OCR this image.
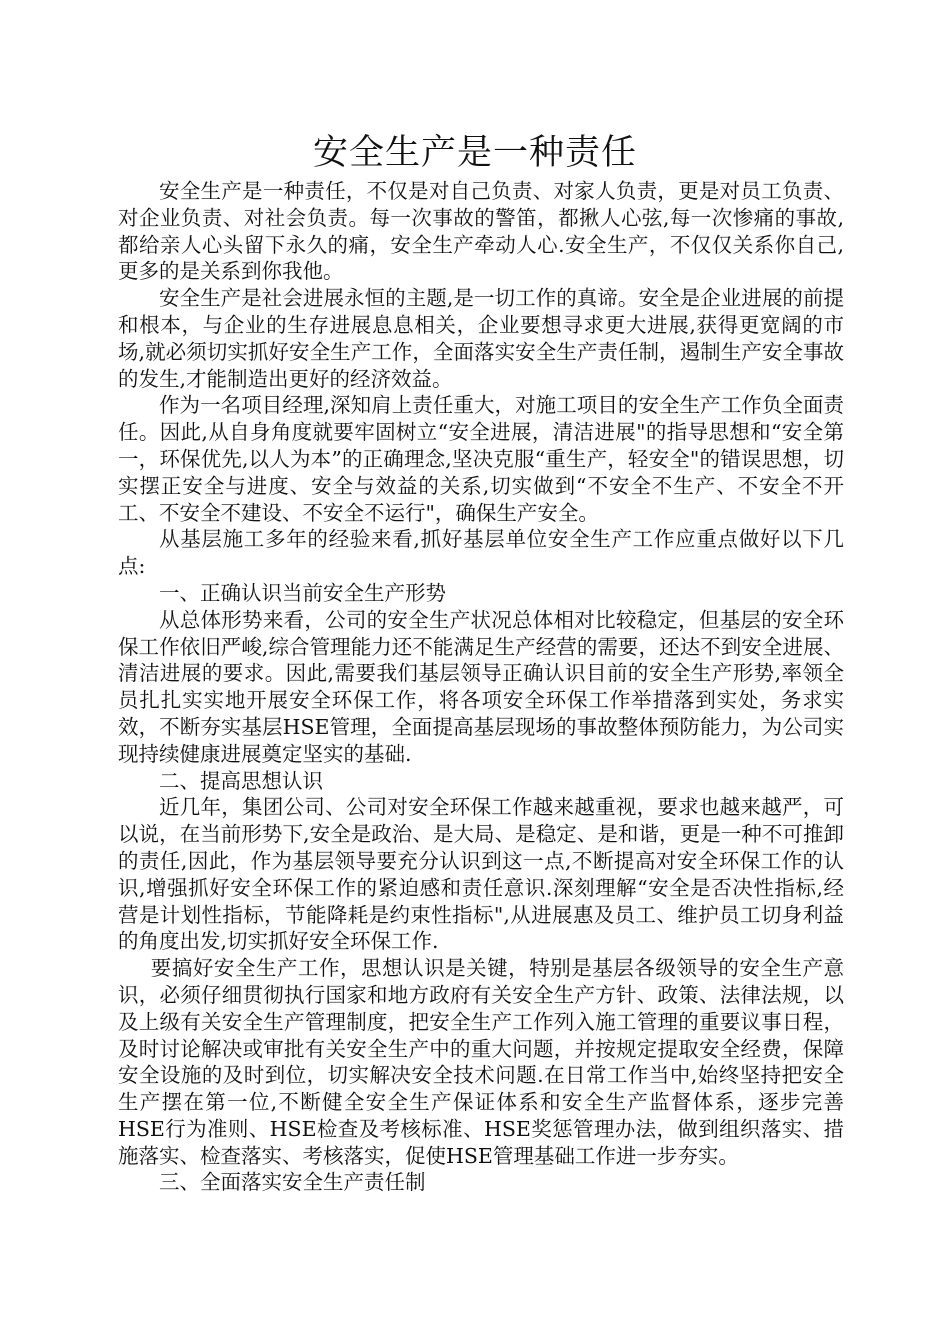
安全生产是一种责任

安全生产是一种责任，不仅是对自己负责、对家人负责，更是对员工负责、对企业负责、对社会负责。每一次事故的警笛，都揪人心弦,每一次惨痛的事故,都给亲人心头留下永久的痛，安全生产牵动人心.安全生产，不仅仅关系你自己,更多的是关系到你我他。

安全生产是社会进展永恒的主题,是一切工作的真谛。安全是企业进展的前提和根本，与企业的生存进展息息相关，企业要想寻求更大进展,获得更宽阔的市场,就必须切实抓好安全生产工作，全面落实安全生产责任制，遏制生产安全事故的发生,才能制造出更好的经济效益。

作为一名项目经理,深知肩上责任重大，对施工项目的安全生产工作负全面责任。因此,从自身角度就要牢固树立“安全进展，清洁进展"的指导思想和“安全第一，环保优先,以人为本”的正确理念,坚决克服“重生产，轻安全"的错误思想，切实摆正安全与进度、安全与效益的关系,切实做到“不安全不生产、不安全不开工、不安全不建设、不安全不运行"，确保生产安全。

从基层施工多年的经验来看,抓好基层单位安全生产工作应重点做好以下几点:

一、正确认识当前安全生产形势

从总体形势来看，公司的安全生产状况总体相对比较稳定，但基层的安全环保工作依旧严峻,综合管理能力还不能满足生产经营的需要，还达不到安全进展、清洁进展的要求。因此,需要我们基层领导正确认识目前的安全生产形势,率领全员扎扎实实地开展安全环保工作，将各项安全环保工作举措落到实处，务求实效，不断夯实基层HSE管理，全面提高基层现场的事故整体预防能力，为公司实现持续健康进展奠定坚实的基础.

二、提高思想认识

近几年，集团公司、公司对安全环保工作越来越重视，要求也越来越严，可以说，在当前形势下,安全是政治、是大局、是稳定、是和谐，更是一种不可推卸的责任,因此，作为基层领导要充分认识到这一点,不断提高对安全环保工作的认识,增强抓好安全环保工作的紧迫感和责任意识.深刻理解“安全是否决性指标,经营是计划性指标，节能降耗是约束性指标",从进展惠及员工、维护员工切身利益的角度出发,切实抓好安全环保工作.

要搞好安全生产工作，思想认识是关键，特别是基层各级领导的安全生产意识，必须仔细贯彻执行国家和地方政府有关安全生产方针、政策、法律法规，以及上级有关安全生产管理制度，把安全生产工作列入施工管理的重要议事日程，及时讨论解决或审批有关安全生产中的重大问题，并按规定提取安全经费，保障安全设施的及时到位，切实解决安全技术问题.在日常工作当中,始终坚持把安全生产摆在第一位,不断健全安全生产保证体系和安全生产监督体系，逐步完善HSE行为准则、HSE检查及考核标准、HSE奖惩管理办法，做到组织落实、措施落实、检查落实、考核落实，促使HSE管理基础工作进一步夯实。

三、全面落实安全生产责任制
